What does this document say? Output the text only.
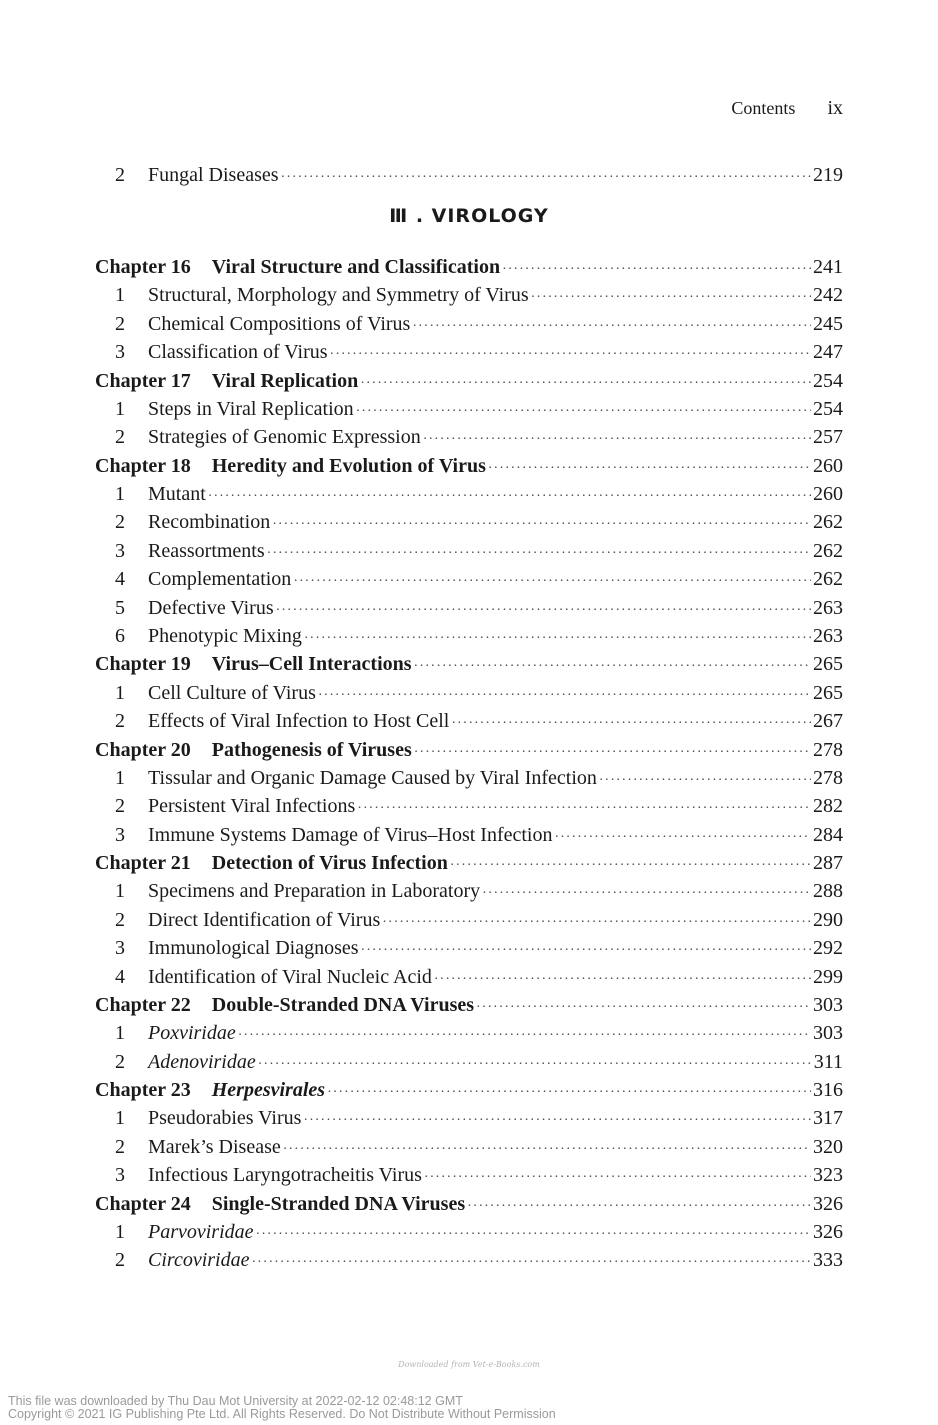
Contents ix
2	Fungal Diseases ·····	219
Ⅲ . VIROLOGY
Chapter 16	Viral Structure and Classification ·····	241
1	Structural, Morphology and Symmetry of Virus ·····	242
2	Chemical Compositions of Virus ·····	245
3	Classification of Virus ·····	247
Chapter 17	Viral Replication ·····	254
1	Steps in Viral Replication ·····	254
2	Strategies of Genomic Expression ·····	257
Chapter 18	Heredity and Evolution of Virus ·····	260
1	Mutant ·····	260
2	Recombination ·····	262
3	Reassortments ·····	262
4	Complementation ·····	262
5	Defective Virus ·····	263
6	Phenotypic Mixing ·····	263
Chapter 19	Virus–Cell Interactions ·····	265
1	Cell Culture of Virus ·····	265
2	Effects of Viral Infection to Host Cell ·····	267
Chapter 20	Pathogenesis of Viruses ·····	278
1	Tissular and Organic Damage Caused by Viral Infection ·····	278
2	Persistent Viral Infections ·····	282
3	Immune Systems Damage of Virus–Host Infection ·····	284
Chapter 21	Detection of Virus Infection ·····	287
1	Specimens and Preparation in Laboratory ·····	288
2	Direct Identification of Virus ·····	290
3	Immunological Diagnoses ·····	292
4	Identification of Viral Nucleic Acid ·····	299
Chapter 22	Double-Stranded DNA Viruses ·····	303
1	Poxviridae ·····	303
2	Adenoviridae ·····	311
Chapter 23	Herpesvirales ·····	316
1	Pseudorabies Virus ·····	317
2	Marek’s Disease ·····	320
3	Infectious Laryngotracheitis Virus ·····	323
Chapter 24	Single-Stranded DNA Viruses ·····	326
1	Parvoviridae ·····	326
2	Circoviridae ·····	333
Downloaded from Vet-e-Books.com
This file was downloaded by Thu Dau Mot University at 2022-02-12 02:48:12 GMT
Copyright © 2021 IG Publishing Pte Ltd. All Rights Reserved. Do Not Distribute Without Permission
